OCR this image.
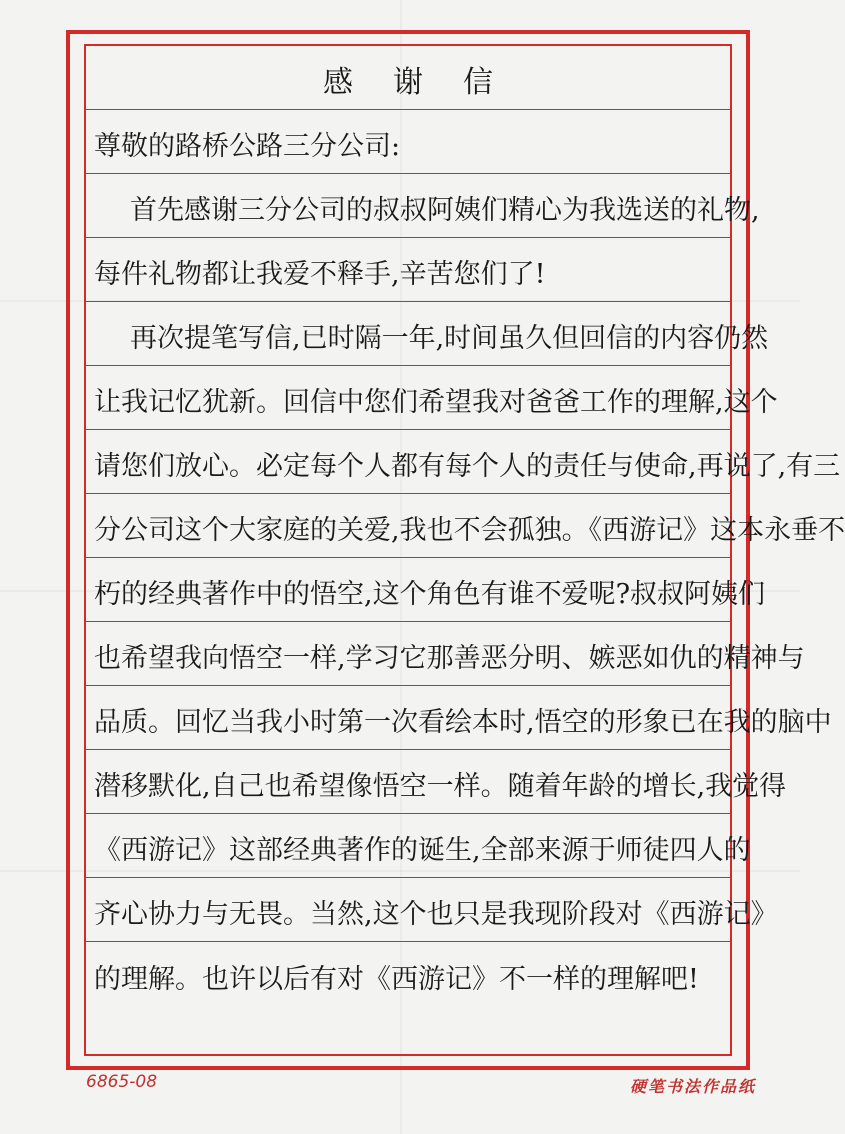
感谢信
尊敬的路桥公路三分公司:
首先感谢三分公司的叔叔阿姨们精心为我选送的礼物,
每件礼物都让我爱不释手,辛苦您们了!
再次提笔写信,已时隔一年,时间虽久但回信的内容仍然
让我记忆犹新。回信中您们希望我对爸爸工作的理解,这个
请您们放心。必定每个人都有每个人的责任与使命,再说了,有三
分公司这个大家庭的关爱,我也不会孤独。《西游记》这本永垂不
朽的经典著作中的悟空,这个角色有谁不爱呢?叔叔阿姨们
也希望我向悟空一样,学习它那善恶分明、嫉恶如仇的精神与
品质。回忆当我小时第一次看绘本时,悟空的形象已在我的脑中
潜移默化,自己也希望像悟空一样。随着年龄的增长,我觉得
《西游记》这部经典著作的诞生,全部来源于师徒四人的
齐心协力与无畏。当然,这个也只是我现阶段对《西游记》
的理解。也许以后有对《西游记》不一样的理解吧!
6865-08	硬笔书法作品纸
